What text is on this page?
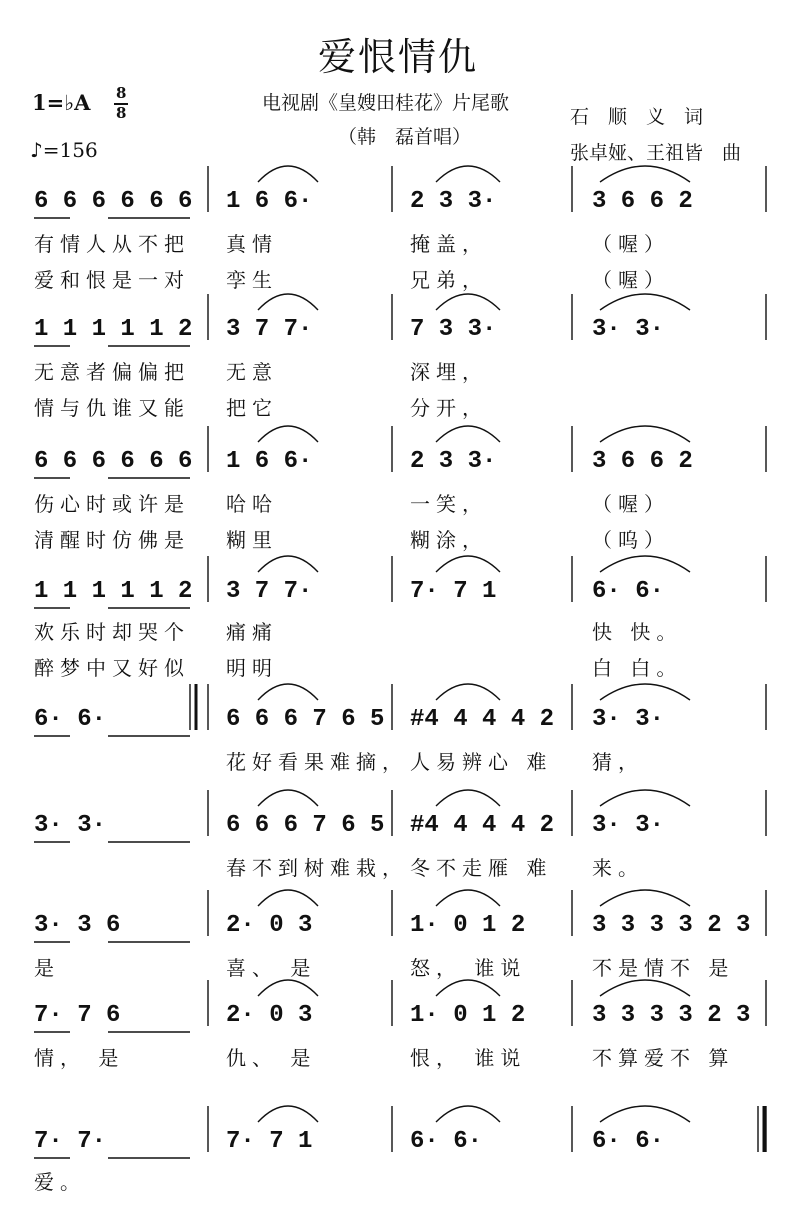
爱恨情仇
1=♭A 8
8
♪=156
电视剧《皇嫂田桂花》片尾歌
（韩　磊首唱）
石　顺　义　词
张卓娅、王祖皆　曲
6 6 6 6 6 6 1 6 6·	2 3 3·	3 6 6 2
有情人从不把 真情	掩盖，	（喔）
爱和恨是一对 孪生	兄弟，	（喔）
1 1 1 1 1 2 3 7 7·	7 3 3·	3· 3·
无意者偏偏把 无意	深埋，
情与仇谁又能 把它	分开，
6 6 6 6 6 6 1 6 6·	2 3 3·	3 6 6 2
伤心时或许是 哈哈	一笑，	（喔）
清醒时仿佛是 糊里	糊涂，	（呜）
1 1 1 1 1 2 3 7 7·	7· 7 1	6· 6·
欢乐时却哭个 痛痛	快 快。
醉梦中又好似 明明	白 白。
6· 6·	6 6 6 7 6 5 #4 4 4 4 2 3· 3·
花好看果难摘， 人易辨心 难 猜，
3· 3·	6 6 6 7 6 5 #4 4 4 4 2 3· 3·
春不到树难栽， 冬不走雁 难 来。
3· 3 6	2· 0 3	1· 0 1 2	3 3 3 3 2 3
是	喜、 是	怒， 谁说	不是情不 是
7· 7 6	2· 0 3	1· 0 1 2	3 3 3 3 2 3
情， 是	仇、 是	恨， 谁说	不算爱不 算
7· 7·	7· 7 1	6· 6·	6· 6·
爱。
